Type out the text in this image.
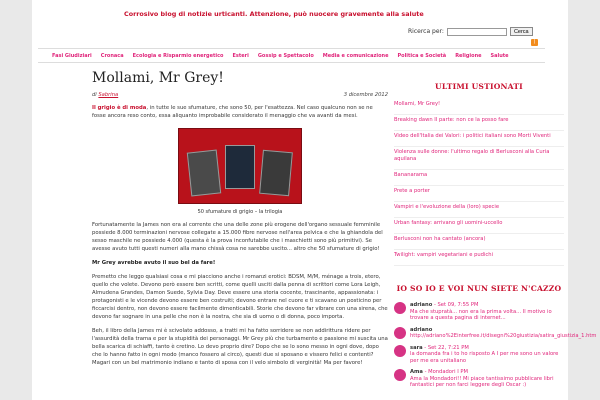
Corrosivo blog di notizie urticanti. Attenzione, può nuocere gravemente alla salute
Ricerca per:	Cerca
)
Fasi Giudiziari Cronaca Ecologia e Risparmio energetico Esteri Gossip e Spettacolo Media e comunicazione Politica e Società Religione Salute
Mollami, Mr Grey!
di Sabrina	3 dicembre 2012
Il grigio è di moda, in tutte le sue sfumature, che sono 50, per l'esattezza. Nel caso qualcuno non se ne fosse ancora reso conto, essa aliquanto improbabile considerato il menaggio che va avanti da mesi.
50 sfumature di grigio – la trilogia
Fortunatamente la James non era al corrente che una delle zone più erogene dell'organo sessuale femminile possiede 8.000 terminazioni nervose collegate a 15.000 fibre nervose nell'area pelvica e che la ghiandola del sesso maschile ne possiede 4.000 (questa è la prova inconfutabile che i maschietti sono più primitivi). Se avesse avuto tutti questi numeri alla mano chissà cosa ne sarebbe uscito... altro che 50 sfumature di grigio!
Mr Grey avrebbe avuto il suo bel da fare!
Premetto che leggo qualsiasi cosa e mi piacciono anche i romanzi erotici: BDSM, M/M, ménage a trois, etero, quello che volete. Devono però essere ben scritti, come quelli usciti dalla penna di scrittori come Lora Leigh, Almudena Grandes, Damon Suede, Sylvia Day. Deve essere una storia cocente, trascinante, appassionata: i protagonisti e le vicende devono essere ben costruiti; devono entrare nel cuore e ti scavano un posticino per ficcarcisi dentro, non devono essere facilmente dimenticabili. Storie che devono far vibrare con una sirena, che devono far sognare in una pelle che non è la nostra, che sia di uomo o di donna, poco importa.
Beh, il libro della James mi è scivolato addosso, a tratti mi ha fatto sorridere se non addirittura ridere per l'assurdità della trama e per la stupidità dei personaggi. Mr Grey più che turbamento e passione mi suscita una bella scarica di schiaffi, tanto è cretino. Lo devo proprio dire? Dopo che se lo sono messo in ogni dove, dopo che lo hanno fatto in ogni modo (manco fossero al circo), questi due si sposano e vissero felici e contenti? Magari con un bel matrimonio indiano e tanto di sposa con il velo simbolo di verginità! Ma per favore!
ULTIMI USTIONATI
Mollami, Mr Grey!
Breaking dawn II parte: non ce la posso fare
Video dell'Italia dei Valori: i politici italiani sono Morti Viventi
Violenza sulle donne: l'ultimo regalo di Berlusconi alla Curia aquilana
Bananarama
Prete a porter
Vampiri e l'evoluzione della (loro) specie
Urban fantasy: arrivano gli uomini-uccello
Berlusconi non ha cantato (ancora)
Twilight: vampiri vegetariani e pudichi
IO SO IO E VOI NUN SIETE N'CAZZO
adriano - Set 09, 7:55 PM
Ma che stupratà... non era la prima volta... Il motivo io trovare a questa pagina di internet...
adriano
http://adriano%2Einterfree.it/disegni%20giustizia/satira_giustizia_1.htm
sara - Set 22, 7:21 PM
la domanda fra i to ho risposto A I per me sono un valore per me era unitaliano
Ama - Mondadori I PM
Ama la Mondadori!! Mi piace tantissimo pubblicare libri fantastici per non farci leggere degli Oscar :)
